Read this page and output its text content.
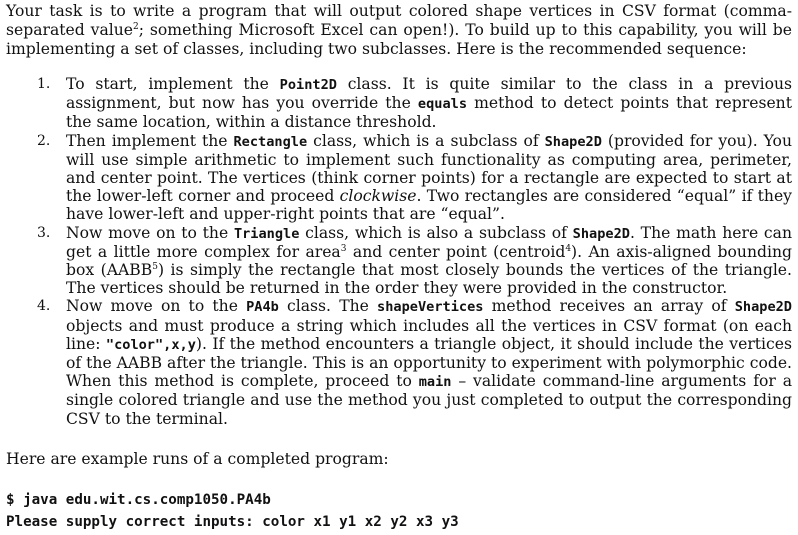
Your task is to write a program that will output colored shape vertices in CSV format (comma-separated value$^2$; something Microsoft Excel can open!). To build up to this capability, you will be implementing a set of classes, including two subclasses. Here is the recommended sequence:

1. To start, implement the Point2D class. It is quite similar to the class in a previous assignment, but now has you override the equals method to detect points that represent the same location, within a distance threshold.
2. Then implement the Rectangle class, which is a subclass of Shape2D (provided for you). You will use simple arithmetic to implement such functionality as computing area, perimeter, and center point. The vertices (think corner points) for a rectangle are expected to start at the lower-left corner and proceed clockwise. Two rectangles are considered “equal” if they have lower-left and upper-right points that are “equal”.
3. Now move on to the Triangle class, which is also a subclass of Shape2D. The math here can get a little more complex for area$^3$ and center point (centroid$^4$). An axis-aligned bounding box (AABB$^5$) is simply the rectangle that most closely bounds the vertices of the triangle. The vertices should be returned in the order they were provided in the constructor.
4. Now move on to the PA4b class. The shapeVertices method receives an array of Shape2D objects and must produce a string which includes all the vertices in CSV format (on each line: "color",x,y). If the method encounters a triangle object, it should include the vertices of the AABB after the triangle. This is an opportunity to experiment with polymorphic code. When this method is complete, proceed to main – validate command-line arguments for a single colored triangle and use the method you just completed to output the corresponding CSV to the terminal.

Here are example runs of a completed program:

$ java edu.wit.cs.comp1050.PA4b
Please supply correct inputs: color x1 y1 x2 y2 x3 y3
